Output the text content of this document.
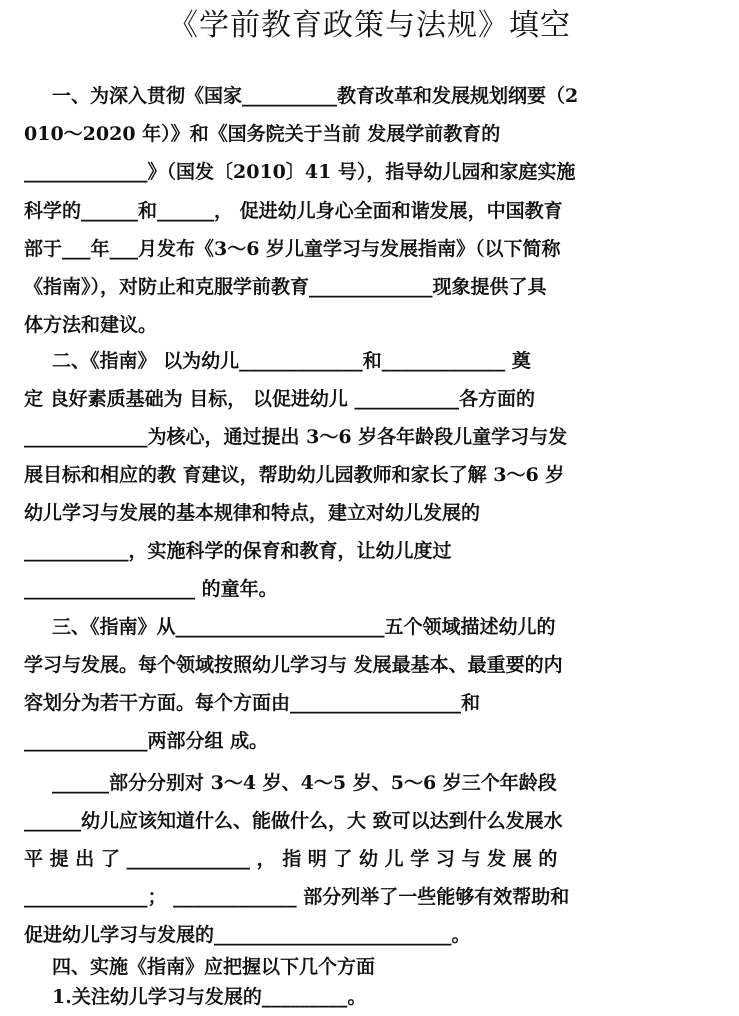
《学前教育政策与法规》填空
一、为深入贯彻《国家__________教育改革和发展规划纲要（2
010～2020 年）》和《国务院关于当前 发展学前教育的
_____________》（国发〔2010〕41 号），指导幼儿园和家庭实施
科学的______和______， 促进幼儿身心全面和谐发展，中国教育
部于___年___月发布《3～6 岁儿童学习与发展指南》（以下简称
《指南》），对防止和克服学前教育_____________现象提供了具
体方法和建议。
二、《指南》 以为幼儿_____________和_____________ 奠
定 良好素质基础为 目标， 以促进幼儿 ___________各方面的
_____________为核心，通过提出 3～6 岁各年龄段儿童学习与发
展目标和相应的教 育建议，帮助幼儿园教师和家长了解 3～6 岁
幼儿学习与发展的基本规律和特点，建立对幼儿发展的
___________，实施科学的保育和教育，让幼儿度过
__________________ 的童年。
三、《指南》从______________________五个领域描述幼儿的
学习与发展。每个领域按照幼儿学习与 发展最基本、最重要的内
容划分为若干方面。每个方面由__________________和
_____________两部分组 成。
______部分分别对 3～4 岁、4～5 岁、5～6 岁三个年龄段
______幼儿应该知道什么、能做什么，大 致可以达到什么发展水
平 提 出 了 _____________ ， 指 明 了 幼 儿 学 习 与 发 展 的
_____________； _____________ 部分列举了一些能够有效帮助和
促进幼儿学习与发展的_________________________。
四、实施《指南》应把握以下几个方面
1.关注幼儿学习与发展的_________。
